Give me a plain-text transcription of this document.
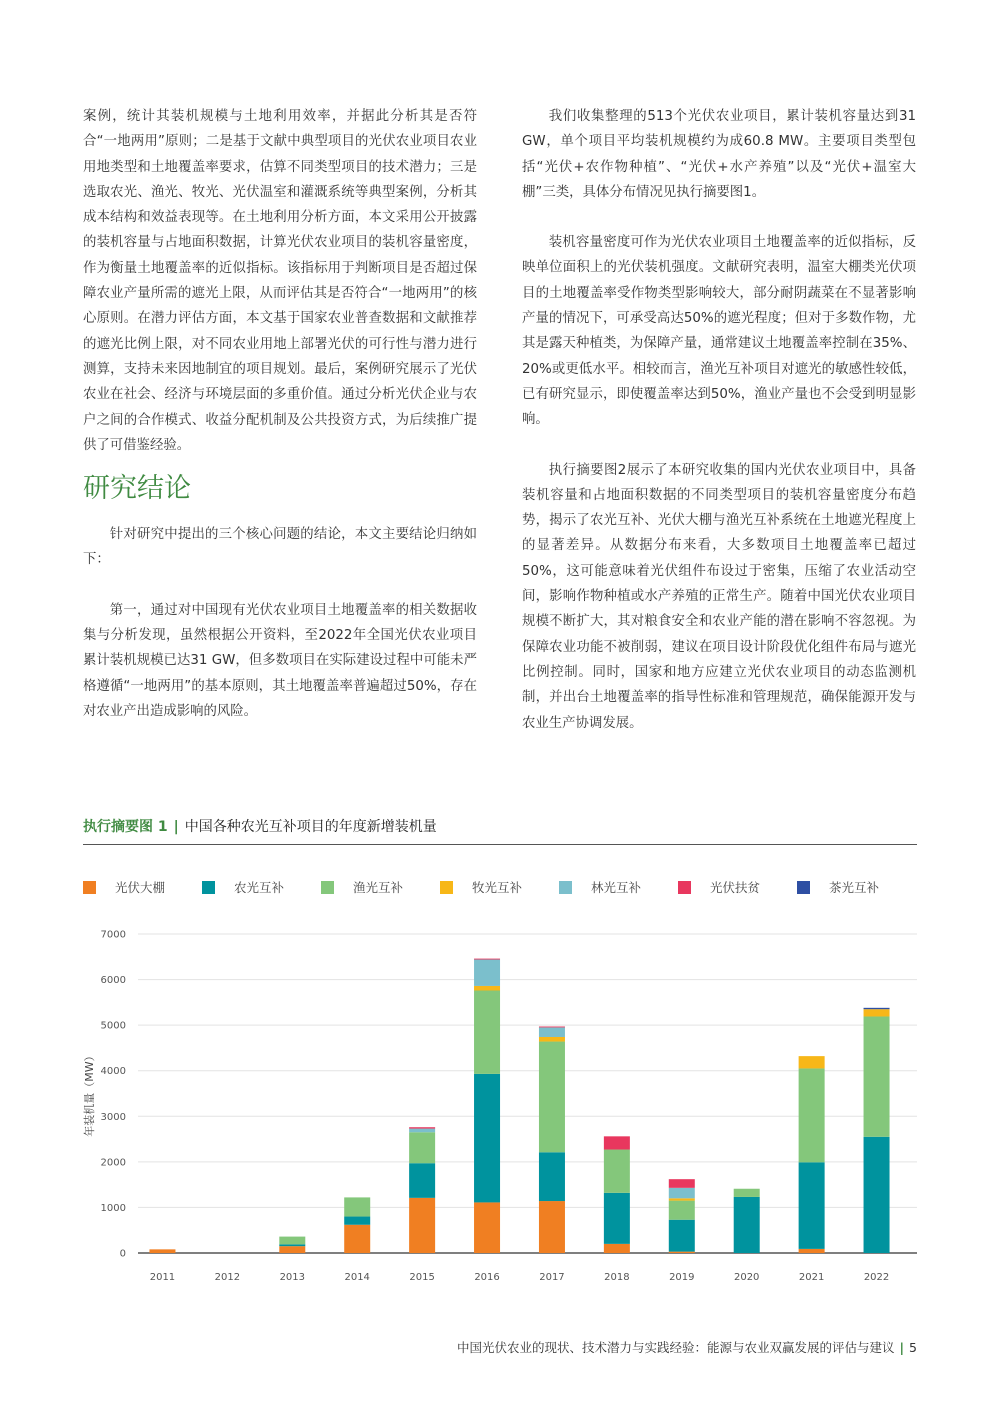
案例，统计其装机规模与土地利用效率，并据此分析其是否符合“一地两用”原则；二是基于文献中典型项目的光伏农业项目农业用地类型和土地覆盖率要求，估算不同类型项目的技术潜力；三是选取农光、渔光、牧光、光伏温室和灌溉系统等典型案例，分析其成本结构和效益表现等。在土地利用分析方面，本文采用公开披露的装机容量与占地面积数据，计算光伏农业项目的装机容量密度，作为衡量土地覆盖率的近似指标。该指标用于判断项目是否超过保障农业产量所需的遮光上限，从而评估其是否符合“一地两用”的核心原则。在潜力评估方面，本文基于国家农业普查数据和文献推荐的遮光比例上限，对不同农业用地上部署光伏的可行性与潜力进行测算，支持未来因地制宜的项目规划。最后，案例研究展示了光伏农业在社会、经济与环境层面的多重价值。通过分析光伏企业与农户之间的合作模式、收益分配机制及公共投资方式，为后续推广提供了可借鉴经验。

研究结论

针对研究中提出的三个核心问题的结论，本文主要结论归纳如下：

第一，通过对中国现有光伏农业项目土地覆盖率的相关数据收集与分析发现，虽然根据公开资料，至2022年全国光伏农业项目累计装机规模已达31 GW，但多数项目在实际建设过程中可能未严格遵循“一地两用”的基本原则，其土地覆盖率普遍超过50%，存在对农业产出造成影响的风险。

我们收集整理的513个光伏农业项目，累计装机容量达到31 GW，单个项目平均装机规模约为成60.8 MW。主要项目类型包括“光伏+农作物种植”、“光伏+水产养殖”以及“光伏+温室大棚”三类，具体分布情况见执行摘要图1。

装机容量密度可作为光伏农业项目土地覆盖率的近似指标，反映单位面积上的光伏装机强度。文献研究表明，温室大棚类光伏项目的土地覆盖率受作物类型影响较大，部分耐阴蔬菜在不显著影响产量的情况下，可承受高达50%的遮光程度；但对于多数作物，尤其是露天种植类，为保障产量，通常建议土地覆盖率控制在35%、20%或更低水平。相较而言，渔光互补项目对遮光的敏感性较低，已有研究显示，即使覆盖率达到50%，渔业产量也不会受到明显影响。

执行摘要图2展示了本研究收集的国内光伏农业项目中，具备装机容量和占地面积数据的不同类型项目的装机容量密度分布趋势，揭示了农光互补、光伏大棚与渔光互补系统在土地遮光程度上的显著差异。从数据分布来看，大多数项目土地覆盖率已超过50%，这可能意味着光伏组件布设过于密集，压缩了农业活动空间，影响作物种植或水产养殖的正常生产。随着中国光伏农业项目规模不断扩大，其对粮食安全和农业产能的潜在影响不容忽视。为保障农业功能不被削弱，建议在项目设计阶段优化组件布局与遮光比例控制。同时，国家和地方应建立光伏农业项目的动态监测机制，并出台土地覆盖率的指导性标准和管理规范，确保能源开发与农业生产协调发展。

执行摘要图 1 | 中国各种农光互补项目的年度新增装机量
光伏大棚	农光互补	渔光互补	牧光互补	林光互补	光伏扶贫	茶光互补
0
1000
2000
3000
4000
5000
6000
7000
年装机量（MW）
2011	2012	2013	2014	2015	2016	2017	2018	2019	2020	2021	2022
中国光伏农业的现状、技术潜力与实践经验：能源与农业双赢发展的评估与建议 | 5
